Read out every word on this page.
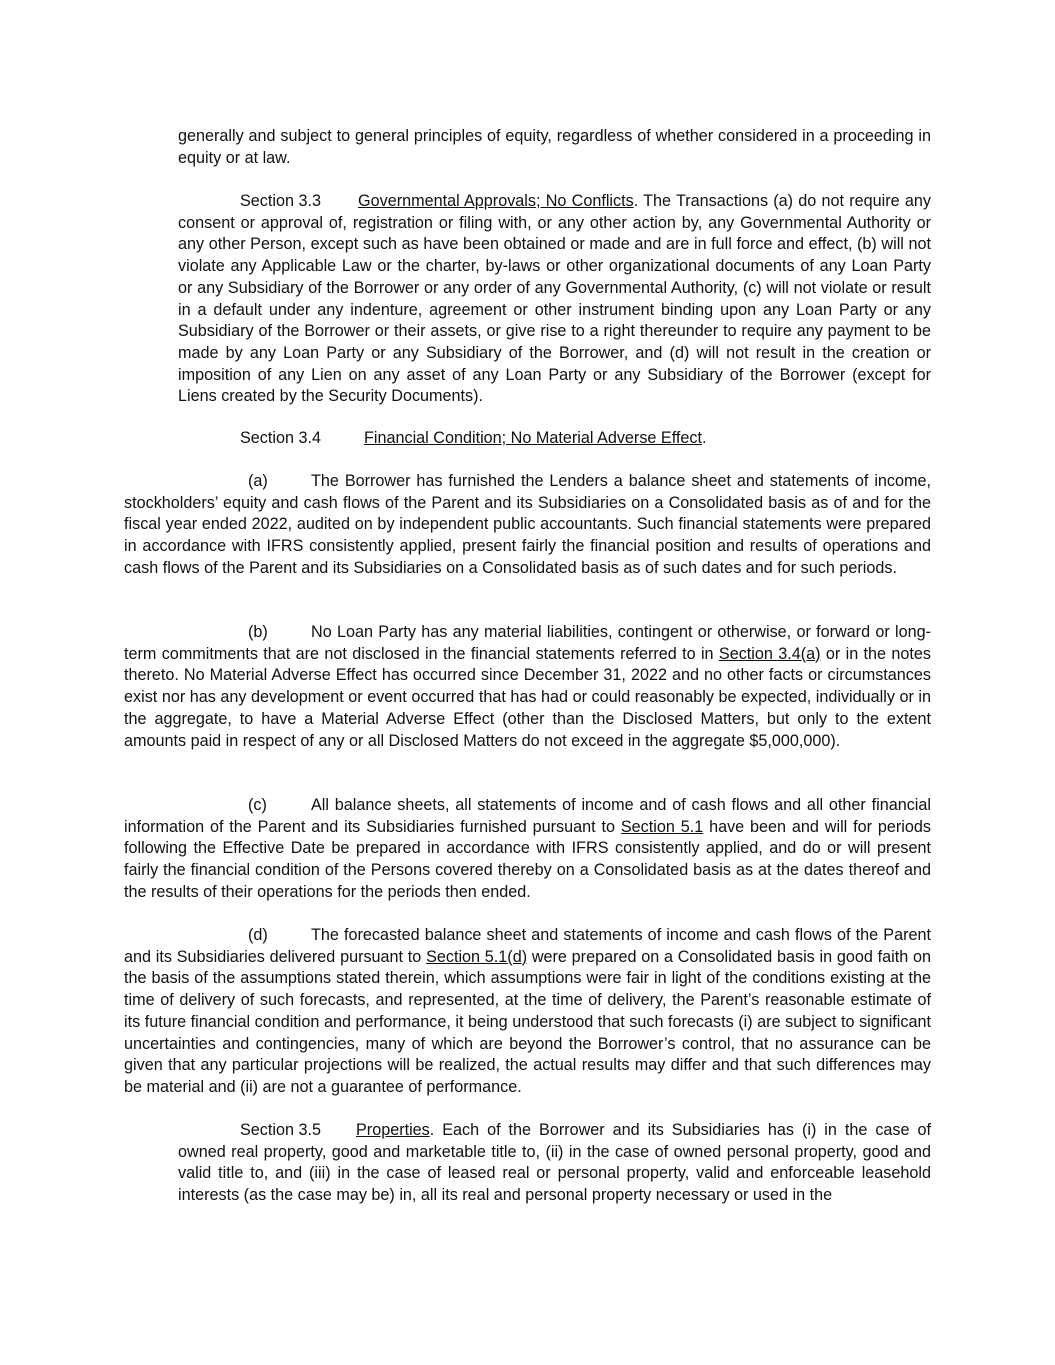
generally and subject to general principles of equity, regardless of whether considered in a proceeding in equity or at law.

Section 3.3 Governmental Approvals; No Conflicts. The Transactions (a) do not require any consent or approval of, registration or filing with, or any other action by, any Governmental Authority or any other Person, except such as have been obtained or made and are in full force and effect, (b) will not violate any Applicable Law or the charter, by-laws or other organizational documents of any Loan Party or any Subsidiary of the Borrower or any order of any Governmental Authority, (c) will not violate or result in a default under any indenture, agreement or other instrument binding upon any Loan Party or any Subsidiary of the Borrower or their assets, or give rise to a right thereunder to require any payment to be made by any Loan Party or any Subsidiary of the Borrower, and (d) will not result in the creation or imposition of any Lien on any asset of any Loan Party or any Subsidiary of the Borrower (except for Liens created by the Security Documents).

Section 3.4	Financial Condition; No Material Adverse Effect.

(a)	The Borrower has furnished the Lenders a balance sheet and statements of income, stockholders’ equity and cash flows of the Parent and its Subsidiaries on a Consolidated basis as of and for the fiscal year ended 2022, audited on by independent public accountants. Such financial statements were prepared in accordance with IFRS consistently applied, present fairly the financial position and results of operations and cash flows of the Parent and its Subsidiaries on a Consolidated basis as of such dates and for such periods.

(b)	No Loan Party has any material liabilities, contingent or otherwise, or forward or long-term commitments that are not disclosed in the financial statements referred to in Section 3.4(a) or in the notes thereto. No Material Adverse Effect has occurred since December 31, 2022 and no other facts or circumstances exist nor has any development or event occurred that has had or could reasonably be expected, individually or in the aggregate, to have a Material Adverse Effect (other than the Disclosed Matters, but only to the extent amounts paid in respect of any or all Disclosed Matters do not exceed in the aggregate $5,000,000).

(c)	All balance sheets, all statements of income and of cash flows and all other financial information of the Parent and its Subsidiaries furnished pursuant to Section 5.1 have been and will for periods following the Effective Date be prepared in accordance with IFRS consistently applied, and do or will present fairly the financial condition of the Persons covered thereby on a Consolidated basis as at the dates thereof and the results of their operations for the periods then ended.

(d)	The forecasted balance sheet and statements of income and cash flows of the Parent and its Subsidiaries delivered pursuant to Section 5.1(d) were prepared on a Consolidated basis in good faith on the basis of the assumptions stated therein, which assumptions were fair in light of the conditions existing at the time of delivery of such forecasts, and represented, at the time of delivery, the Parent’s reasonable estimate of its future financial condition and performance, it being understood that such forecasts (i) are subject to significant uncertainties and contingencies, many of which are beyond the Borrower’s control, that no assurance can be given that any particular projections will be realized, the actual results may differ and that such differences may be material and (ii) are not a guarantee of performance.

Section 3.5 Properties. Each of the Borrower and its Subsidiaries has (i) in the case of owned real property, good and marketable title to, (ii) in the case of owned personal property, good and valid title to, and (iii) in the case of leased real or personal property, valid and enforceable leasehold interests (as the case may be) in, all its real and personal property necessary or used in the
